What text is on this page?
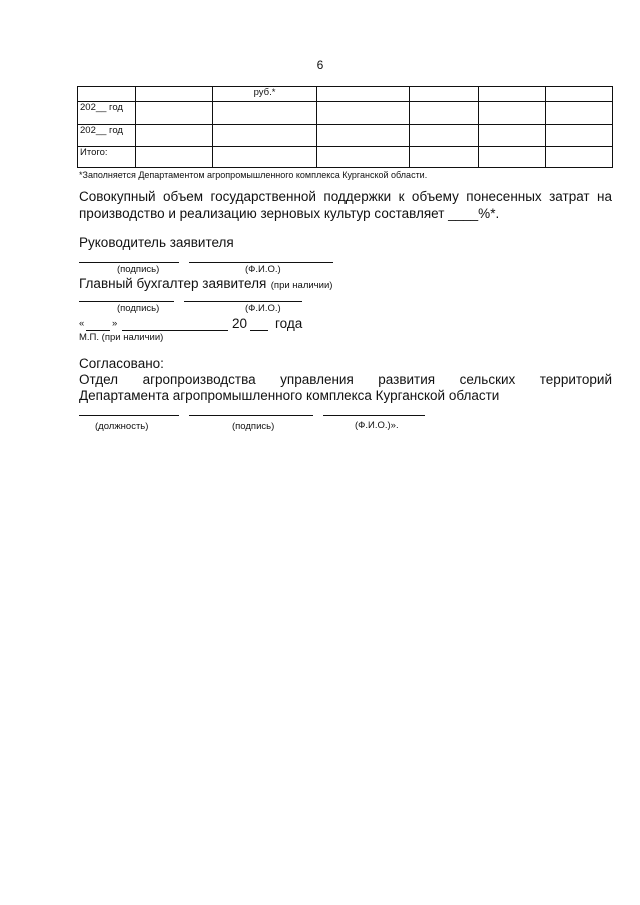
6
		руб.*				
202__ год						
202__ год						
Итого:						
*Заполняется Департаментом агропромышленного комплекса Курганской области.
Совокупный объем государственной поддержки к объему понесенных затрат на производство и реализацию зерновых культур составляет ____%*.
Руководитель заявителя
(подпись)	(Ф.И.О.)
Главный бухгалтер заявителя (при наличии)
(подпись)	(Ф.И.О.)
«	»	20 года
М.П. (при наличии)
Согласовано:
Отдел агропроизводства управления развития сельских территорий
Департамента агропромышленного комплекса Курганской области
(должность)	(подпись)	(Ф.И.О.)».
